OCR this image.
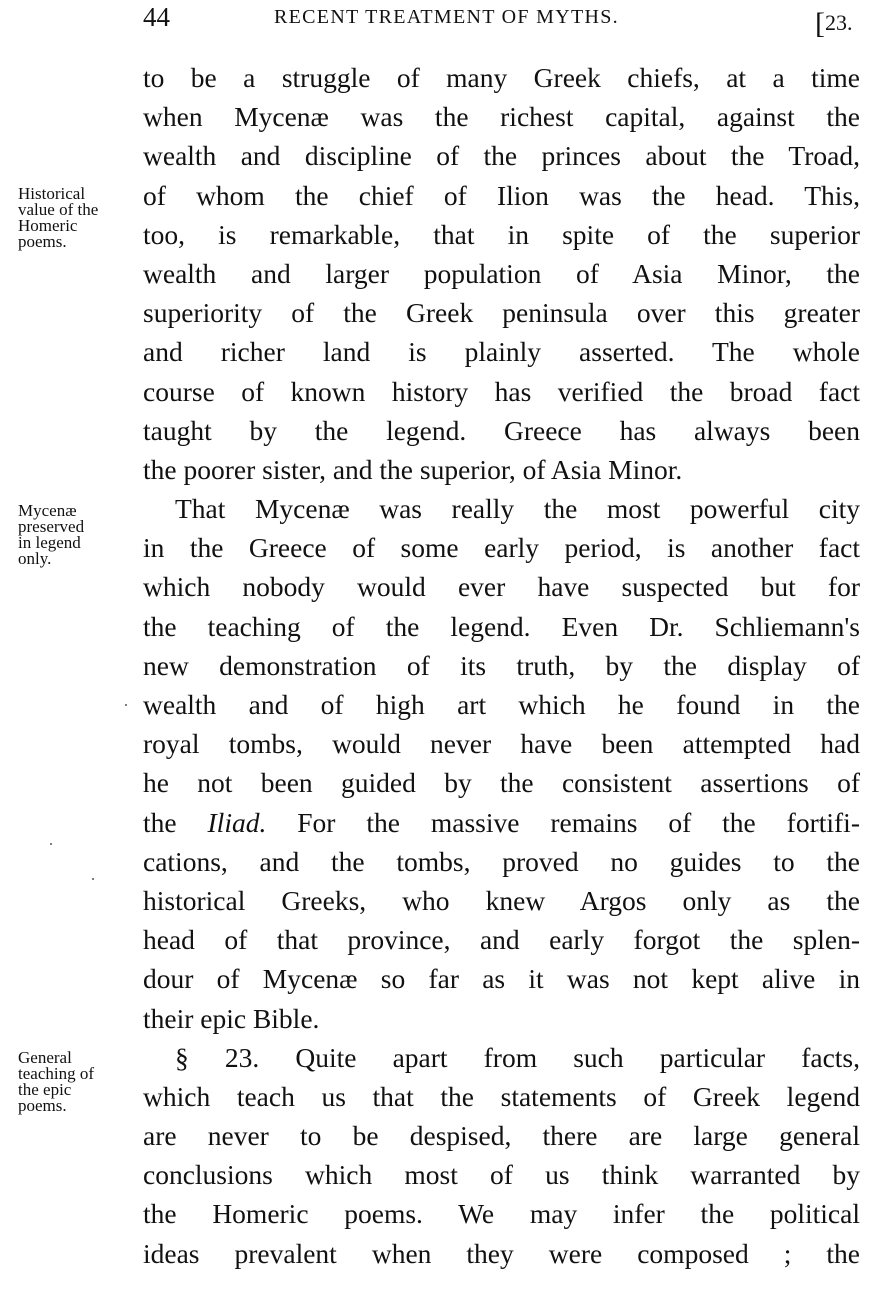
44	RECENT TREATMENT OF MYTHS.	[23.
to be a struggle of many Greek chiefs, at a time
when Mycenæ was the richest capital, against the
wealth and discipline of the princes about the Troad,
of whom the chief of Ilion was the head. This,
too, is remarkable, that in spite of the superior
wealth and larger population of Asia Minor, the
superiority of the Greek peninsula over this greater
and richer land is plainly asserted. The whole
course of known history has verified the broad fact
taught by the legend. Greece has always been
the poorer sister, and the superior, of Asia Minor.
That Mycenæ was really the most powerful city
in the Greece of some early period, is another fact
which nobody would ever have suspected but for
the teaching of the legend. Even Dr. Schliemann's
new demonstration of its truth, by the display of
wealth and of high art which he found in the
royal tombs, would never have been attempted had
he not been guided by the consistent assertions of
the Iliad. For the massive remains of the fortifi-
cations, and the tombs, proved no guides to the
historical Greeks, who knew Argos only as the
head of that province, and early forgot the splen-
dour of Mycenæ so far as it was not kept alive in
their epic Bible.
§ 23. Quite apart from such particular facts,
which teach us that the statements of Greek legend
are never to be despised, there are large general
conclusions which most of us think warranted by
the Homeric poems. We may infer the political
ideas prevalent when they were composed ; the
Historical
value of the
Homeric
poems.
Mycenæ
preserved
in legend
only.
General
teaching of
the epic
poems.
